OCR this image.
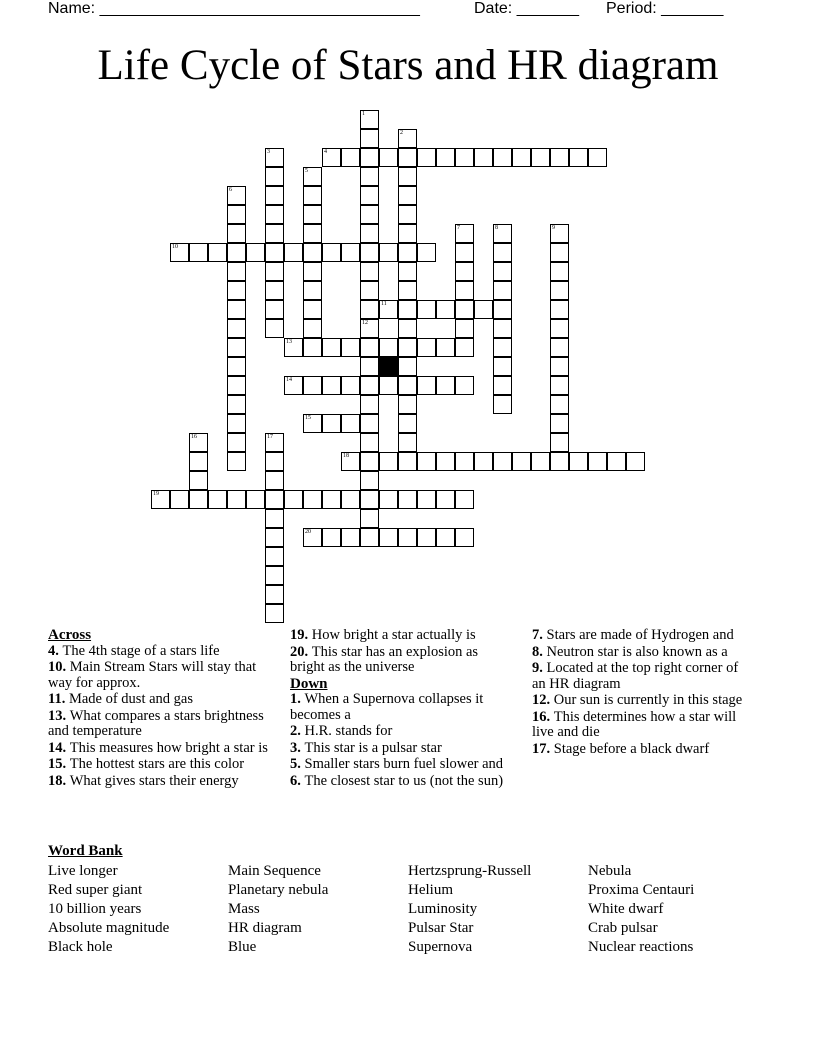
Name: ____________________________________	Date: _______ Period: _______
Life Cycle of Stars and HR diagram
4
10
11
13
14
15
18
19
20
1
12
2
3
5
6
7	8	9
16	17
Across
4. The 4th stage of a stars life
10. Main Stream Stars will stay that way for approx.
11. Made of dust and gas
13. What compares a stars brightness and temperature
14. This measures how bright a star is
15. The hottest stars are this color
18. What gives stars their energy
19. How bright a star actually is
20. This star has an explosion as bright as the universe
Down
1. When a Supernova collapses it becomes a
2. H.R. stands for
3. This star is a pulsar star
5. Smaller stars burn fuel slower and
6. The closest star to us (not the sun)
7. Stars are made of Hydrogen and
8. Neutron star is also known as a
9. Located at the top right corner of an HR diagram
12. Our sun is currently in this stage
16. This determines how a star will live and die
17. Stage before a black dwarf
Word Bank
Live longer	Main Sequence	Hertzsprung-Russell	Nebula
Red super giant	Planetary nebula	Helium	Proxima Centauri
10 billion years	Mass	Luminosity	White dwarf
Absolute magnitude	HR diagram	Pulsar Star	Crab pulsar
Black hole	Blue	Supernova	Nuclear reactions
